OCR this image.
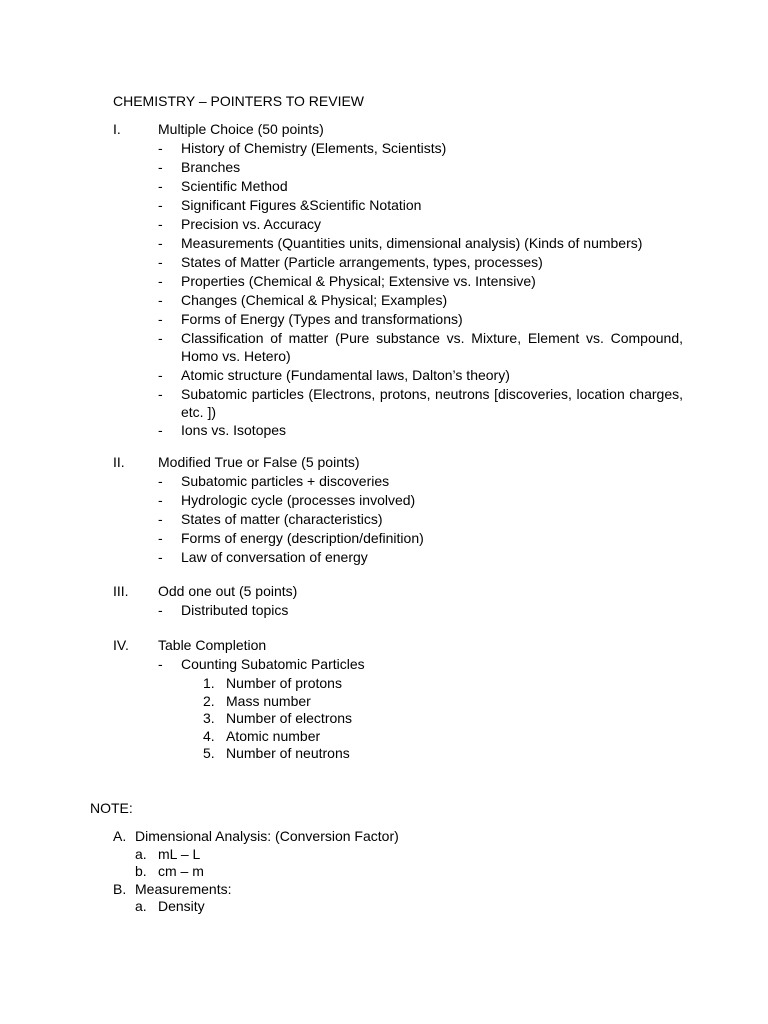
CHEMISTRY – POINTERS TO REVIEW
I.	Multiple Choice (50 points)
- History of Chemistry (Elements, Scientists)
- Branches
- Scientific Method
- Significant Figures &Scientific Notation
- Precision vs. Accuracy
- Measurements (Quantities units, dimensional analysis) (Kinds of numbers)
- States of Matter (Particle arrangements, types, processes)
- Properties (Chemical & Physical; Extensive vs. Intensive)
- Changes (Chemical & Physical; Examples)
- Forms of Energy (Types and transformations)
- Classification of matter (Pure substance vs. Mixture, Element vs. Compound, Homo vs. Hetero)
- Atomic structure (Fundamental laws, Dalton’s theory)
- Subatomic particles (Electrons, protons, neutrons [discoveries, location charges, etc. ])
- Ions vs. Isotopes
II. Modified True or False (5 points)
- Subatomic particles + discoveries
- Hydrologic cycle (processes involved)
- States of matter (characteristics)
- Forms of energy (description/definition)
- Law of conversation of energy
III. Odd one out (5 points)
- Distributed topics
IV. Table Completion
- Counting Subatomic Particles
1. Number of protons
2. Mass number
3. Number of electrons
4. Atomic number
5. Number of neutrons
NOTE:
A. Dimensional Analysis: (Conversion Factor)
a. mL – L
b. cm – m
B. Measurements:
a. Density
